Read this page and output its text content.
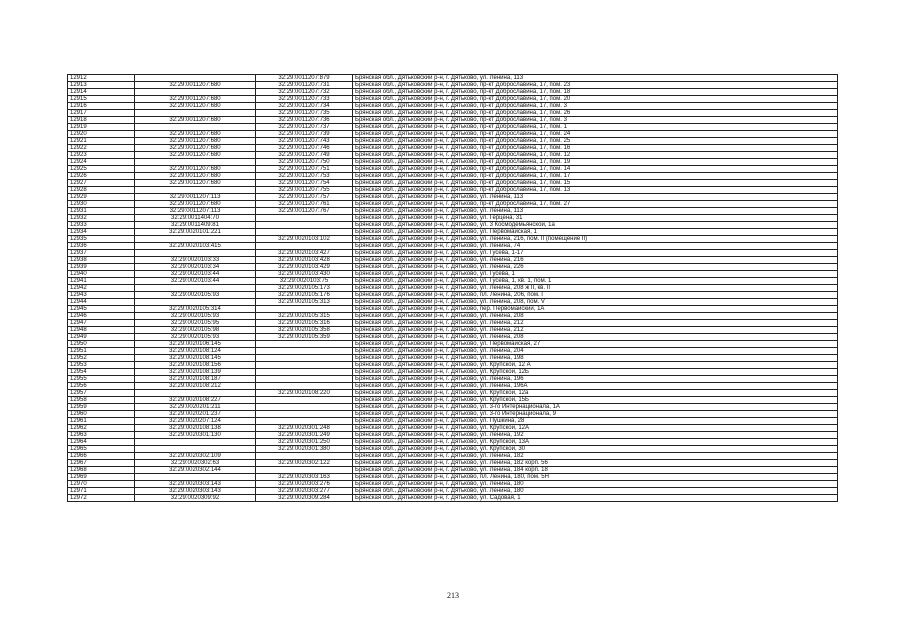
12912		32:29:0011207:879	Брянская обл., Дятьковский р-н, г. Дятьково, ул. Ленина, 113
12913	32:29:0011207:680	32:29:0011207:731	Брянская обл., Дятьковский р-н, г. Дятьково, пр-кт Доброславина, 17, пом. 23
12914		32:29:0011207:732	Брянская обл., Дятьковский р-н, г. Дятьково, пр-кт Доброславина, 17, пом. 18
12915	32:29:0011207:680	32:29:0011207:733	Брянская обл., Дятьковский р-н, г. Дятьково, пр-кт Доброславина, 17, пом. 20
12916	32:29:0011207:680	32:29:0011207:734	Брянская обл., Дятьковский р-н, г. Дятьково, пр-кт Доброславина, 17, пом. 3
12917		32:29:0011207:735	Брянская обл., Дятьковский р-н, г. Дятьково, пр-кт Доброславина, 17, пом. 26
12918	32:29:0011207:680	32:29:0011207:736	Брянская обл., Дятьковский р-н, г. Дятьково, пр-кт Доброславина, 17, пом. 3
12919		32:29:0011207:737	Брянская обл., Дятьковский р-н, г. Дятьково, пр-кт Доброславина, 17, пом. 1
12920	32:29:0011207:680	32:29:0011207:739	Брянская обл., Дятьковский р-н, г. Дятьково, пр-кт Доброславина, 17, пом. 24
12921	32:29:0011207:680	32:29:0011207:743	Брянская обл., Дятьковский р-н, г. Дятьково, пр-кт Доброславина, 17, пом. 25
12922	32:29:0011207:680	32:29:0011207:746	Брянская обл., Дятьковский р-н, г. Дятьково, пр-кт Доброславина, 17, пом. 16
12923	32:29:0011207:680	32:29:0011207:749	Брянская обл., Дятьковский р-н, г. Дятьково, пр-кт Доброславина, 17, пом. 12
12924		32:29:0011207:750	Брянская обл., Дятьковский р-н, г. Дятьково, пр-кт Доброславина, 17, пом. 19
12925	32:29:0011207:680	32:29:0011207:751	Брянская обл., Дятьковский р-н, г. Дятьково, пр-кт Доброславина, 17, пом. 14
12926	32:29:0011207:680	32:29:0011207:753	Брянская обл., Дятьковский р-н, г. Дятьково, пр-кт Доброславина, 17, пом. 17
12927	32:29:0011207:680	32:29:0011207:754	Брянская обл., Дятьковский р-н, г. Дятьково, пр-кт Доброславина, 17, пом. 15
12928		32:29:0011207:755	Брянская обл., Дятьковский р-н, г. Дятьково, пр-кт Доброславина, 17, пом. 13
12929	32:29:0011207:113	32:29:0011207:757	Брянская обл., Дятьковский р-н, г. Дятьково, ул. Ленина, 113
12930	32:29:0011207:680	32:29:0011207:761	Брянская обл., Дятьковский р-н, г. Дятьково, пр-кт Доброславина, 17, пом. 27
12931	32:29:0011207:113	32:29:0011207:767	Брянская обл., Дятьковский р-н, г. Дятьково, ул. Ленина, 113
12932	32:29:0011404:70		Брянская обл., Дятьковский р-н, г. Дятьково, ул. Герцена, 31
12933	32:29:0011409:81		Брянская обл., Дятьковский р-н, г. Дятьково, ул. 3 Космодемьянской, 1а
12934	32:29:0020101:221		Брянская обл., Дятьковский р-н, г. Дятьково, ул. Первомайская, 1
12935		32:29:0020103:102	Брянская обл., Дятьковский р-н, г. Дятьково, ул. Ленина, 216, пом. II (помещение II)
12936	32:29:0020103:415		Брянская обл., Дятьковский р-н, г. Дятьково, ул. Ленина, 74
12937		32:29:0020103:427	Брянская обл., Дятьковский р-н, г. Дятьково, ул. Гусева, 1-17
12938	32:29:0020103:33	32:29:0020103:428	Брянская обл., Дятьковский р-н, г. Дятьково, ул. Ленина, 216
12939	32:29:0020103:34	32:29:0020103:429	Брянская обл., Дятьковский р-н, г. Дятьково, ул. Ленина, 226
12940	32:29:0020103:44	32:29:0020103:430	Брянская обл., Дятьковский р-н, г. Дятьково, ул. Гусева, 1
12941	32:29:0020103:44	32:29:0020103:75	Брянская обл., Дятьковский р-н, г. Дятьково, ул. Гусева, 1, кв. 1, пом. 1
12942		32:29:0020105:173	Брянская обл., Дятьковский р-н, г. Дятьково, ул. Ленина, 208 ж II, кв. II
12943	32:29:0020105:93	32:29:0020105:176	Брянская обл., Дятьковский р-н, г. Дятьково, пл. Ленина, 206, пом. I
12944		32:29:0020105:313	Брянская обл., Дятьковский р-н, г. Дятьково, ул. Ленина, 208, пом. V
12945	32:29:0020105:314		Брянская обл., Дятьковский р-н, г. Дятьково, пер. Первомайский, 1А
12946	32:29:0020105:93	32:29:0020105:315	Брянская обл., Дятьковский р-н, г. Дятьково, ул. Ленина, 208
12947	32:29:0020105:95	32:29:0020105:316	Брянская обл., Дятьковский р-н, г. Дятьково, ул. Ленина, 212
12948	32:29:0020105:98	32:29:0020105:358	Брянская обл., Дятьковский р-н, г. Дятьково, ул. Ленина, 212
12949	32:29:0020105:93	32:29:0020105:359	Брянская обл., Дятьковский р-н, г. Дятьково, ул. Ленина, 208
12950	32:29:0020106:145		Брянская обл., Дятьковский р-н, г. Дятьково, ул. Первомайская, 27
12951	32:29:0020108:124		Брянская обл., Дятьковский р-н, г. Дятьково, ул. Ленина, 204
12952	32:29:0020108:145		Брянская обл., Дятьковский р-н, г. Дятьково, ул. Ленина, 198
12953	32:29:0020108:156		Брянская обл., Дятьковский р-н, г. Дятьково, ул. Крупской, 12 А
12954	32:29:0020108:139		Брянская обл., Дятьковский р-н, г. Дятьково, ул. Крупской, 12Б
12955	32:29:0020108:187		Брянская обл., Дятьковский р-н, г. Дятьково, ул. Ленина, 196
12956	32:29:0020108:212		Брянская обл., Дятьковский р-н, г. Дятьково, ул. Ленина, 196А
12957		32:29:0020108:220	Брянская обл., Дятьковский р-н, г. Дятьково, ул. Крупской, 12а
12958	32:29:0020108:227		Брянская обл., Дятьковский р-н, г. Дятьково, ул. Крупской, 15Б
12959	32:29:0020201:211		Брянская обл., Дятьковский р-н, г. Дятьково, ул. 3-го Интернационала, 1А
12960	32:29:0020201:237		Брянская обл., Дятьковский р-н, г. Дятьково, ул. 3-го Интернационала, 9
12961	32:29:0020207:124		Брянская обл., Дятьковский р-н, г. Дятьково, ул. Пушкина, 28
12962	32:29:0020108:138	32:29:0020301:248	Брянская обл., Дятьковский р-н, г. Дятьково, ул. Крупской, 12А
12963	32:29:0020301:130	32:29:0020301:249	Брянская обл., Дятьковский р-н, г. Дятьково, ул. Ленина, 192
12964		32:29:0020301:250	Брянская обл., Дятьковский р-н, г. Дятьково, ул. Крупской, 13А
12965		32:29:0020301:380	Брянская обл., Дятьковский р-н, г. Дятьково, ул. Крупской, 30
12966	32:29:0020302:109		Брянская обл., Дятьковский р-н, г. Дятьково, ул. Ленина, 182
12967	32:29:0020302:63	32:29:0020302:122	Брянская обл., Дятьковский р-н, г. Дятьково, ул. Ленина, 182 корп. 56
12968	32:29:0020302:144		Брянская обл., Дятьковский р-н, г. Дятьково, ул. Ленина, 184 корп. 18
12969		32:29:0020303:163	Брянская обл., Дятьковский р-н, г. Дятьково, пл. Ленина, 180, пом. 5Н
12970	32:29:0020303:143	32:29:0020303:276	Брянская обл., Дятьковский р-н, г. Дятьково, ул. Ленина, 180
12971	32:29:0020303:143	32:29:0020303:277	Брянская обл., Дятьковский р-н, г. Дятьково, ул. Ленина, 180
12972	32:29:0020309:92	32:29:0020309:284	Брянская обл., Дятьковский р-н, г. Дятьково, ул. Садовая, 1
213
